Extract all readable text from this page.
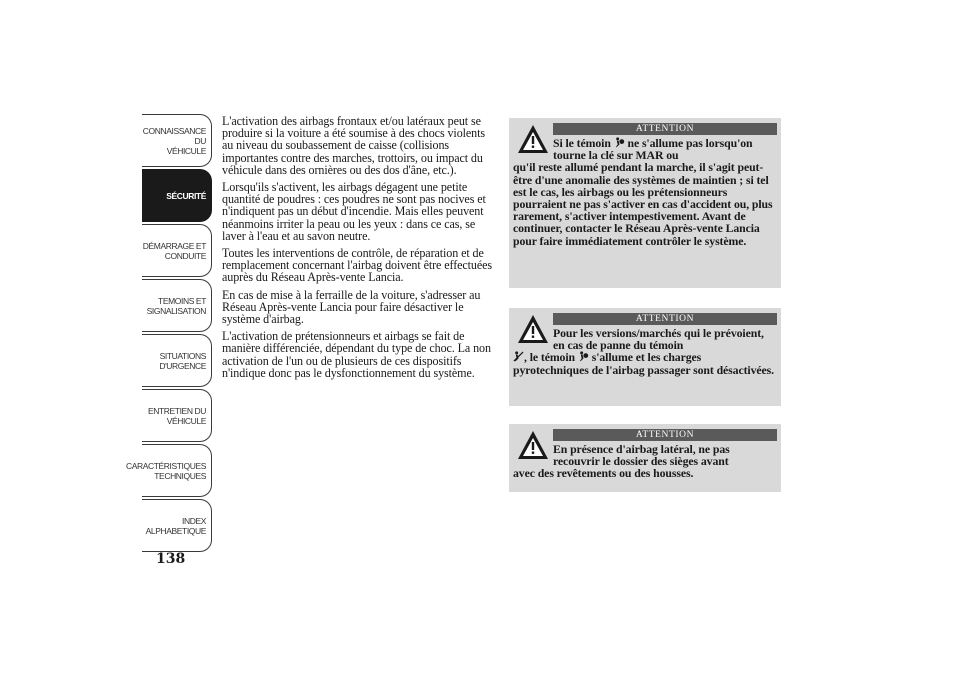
CONNAISSANCE DU
VÉHICULE
SÉCURITÉ
DÉMARRAGE ET
CONDUITE
TEMOINS ET
SIGNALISATION
SITUATIONS
D'URGENCE
ENTRETIEN DU
VÉHICULE
CARACTÉRISTIQUES
TECHNIQUES
INDEX
ALPHABETIQUE
138

L'activation des airbags frontaux et/ou latéraux peut se produire si la voiture a été soumise à des chocs violents au niveau du soubassement de caisse (collisions importantes contre des marches, trottoirs, ou impact du véhicule dans des ornières ou des dos d'âne, etc.).

Lorsqu'ils s'activent, les airbags dégagent une petite quantité de poudres : ces poudres ne sont pas nocives et n'indiquent pas un début d'incendie. Mais elles peuvent néanmoins irriter la peau ou les yeux : dans ce cas, se laver à l'eau et au savon neutre.

Toutes les interventions de contrôle, de réparation et de remplacement concernant l'airbag doivent être effectuées auprès du Réseau Après-vente Lancia.

En cas de mise à la ferraille de la voiture, s'adresser au Réseau Après-vente Lancia pour faire désactiver le système d'airbag.

L'activation de prétensionneurs et airbags se fait de manière différenciée, dépendant du type de choc. La non activation de l'un ou de plusieurs de ces dispositifs n'indique donc pas le dysfonctionnement du système.

ATTENTION
Si le témoin ne s'allume pas lorsqu'on tourne la clé sur MAR ou
qu'il reste allumé pendant la marche, il s'agit peut-être d'une anomalie des systèmes de maintien ; si tel est le cas, les airbags ou les prétensionneurs pourraient ne pas s'activer en cas d'accident ou, plus rarement, s'activer intempestivement. Avant de continuer, contacter le Réseau Après-vente Lancia pour faire immédiatement contrôler le système.
ATTENTION
Pour les versions/marchés qui le prévoient, en cas de panne du témoin
, le témoin s'allume et les charges pyrotechniques de l'airbag passager sont désactivées.
ATTENTION
En présence d'airbag latéral, ne pas recouvrir le dossier des sièges avant
avec des revêtements ou des housses.
